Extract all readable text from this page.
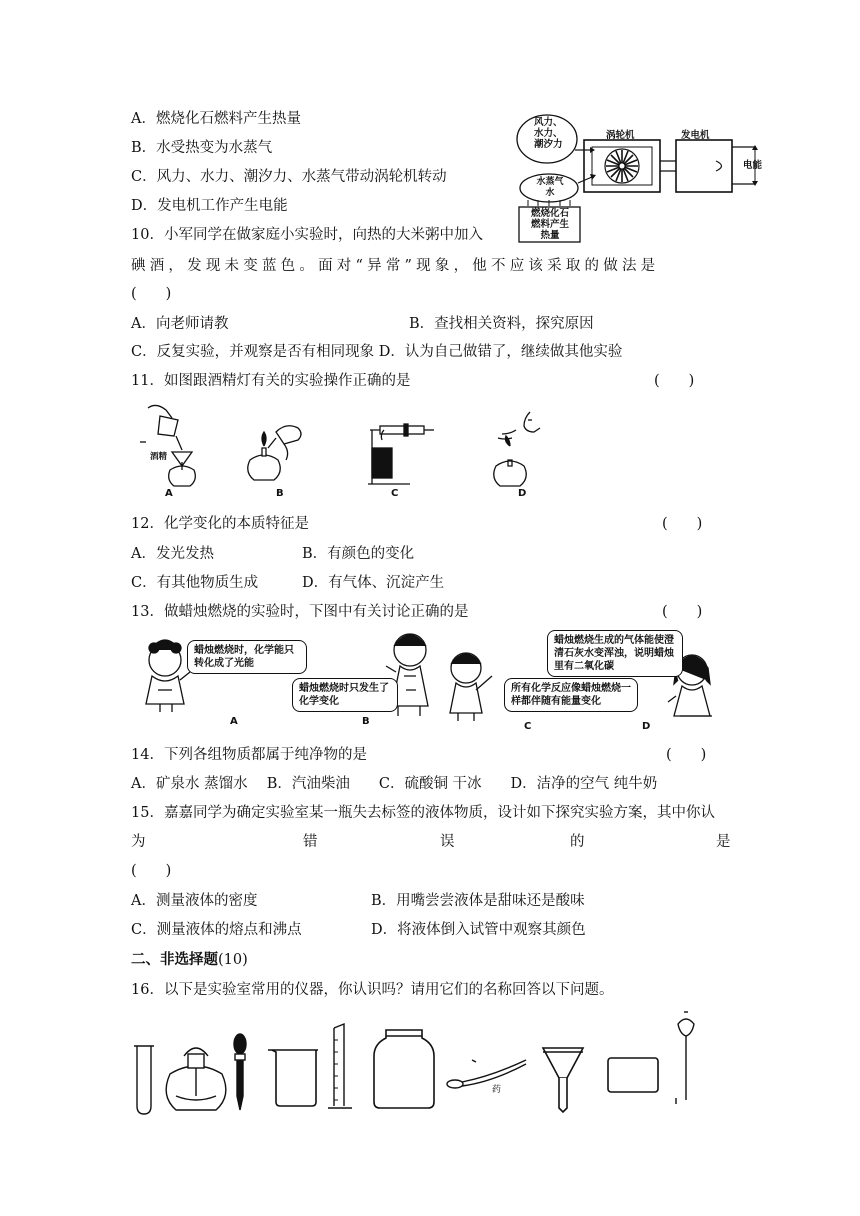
A．燃烧化石燃料产生热量
B．水受热变为水蒸气
C．风力、水力、潮汐力、水蒸气带动涡轮机转动
D．发电机工作产生电能
风力、
水力、
潮汐力
涡轮机	发电机
电能
水蒸气
水
燃烧化石
燃料产生
热量
10．小军同学在做家庭小实验时，向热的大米粥中加入
碘 酒 ， 发 现 未 变 蓝 色 。 面 对 “ 异 常 ” 现 象 ， 他 不 应 该 采 取 的 做 法 是
(　　)
A．向老师请教	B．查找相关资料，探究原因
C．反复实验，并观察是否有相同现象 D．认为自己做错了，继续做其他实验
11．如图跟酒精灯有关的实验操作正确的是	(　　)
酒精
A	B	C	D
12．化学变化的本质特征是	(　　)
A．发光发热	B．有颜色的变化
C．有其他物质生成	D．有气体、沉淀产生
13．做蜡烛燃烧的实验时，下图中有关讨论正确的是	(　　)
蜡烛燃烧时，化学能只转化成了光能
蜡烛燃烧时只发生了化学变化
所有化学反应像蜡烛燃烧一样都伴随有能量变化
蜡烛燃烧生成的气体能使澄清石灰水变浑浊，说明蜡烛里有二氧化碳
A	B	C	D
14．下列各组物质都属于纯净物的是	(　　)
A．矿泉水 蒸馏水　 B．汽油柴油　　C．硫酸铜 干冰　　D．洁净的空气 纯牛奶
15．嘉嘉同学为确定实验室某一瓶失去标签的液体物质，设计如下探究实验方案，其中你认
为	错	误	的	是
(　　)
A．测量液体的密度	B．用嘴尝尝液体是甜味还是酸味
C．测量液体的熔点和沸点	D．将液体倒入试管中观察其颜色
二、非选择题(10)
16．以下是实验室常用的仪器，你认识吗？请用它们的名称回答以下问题。
药
